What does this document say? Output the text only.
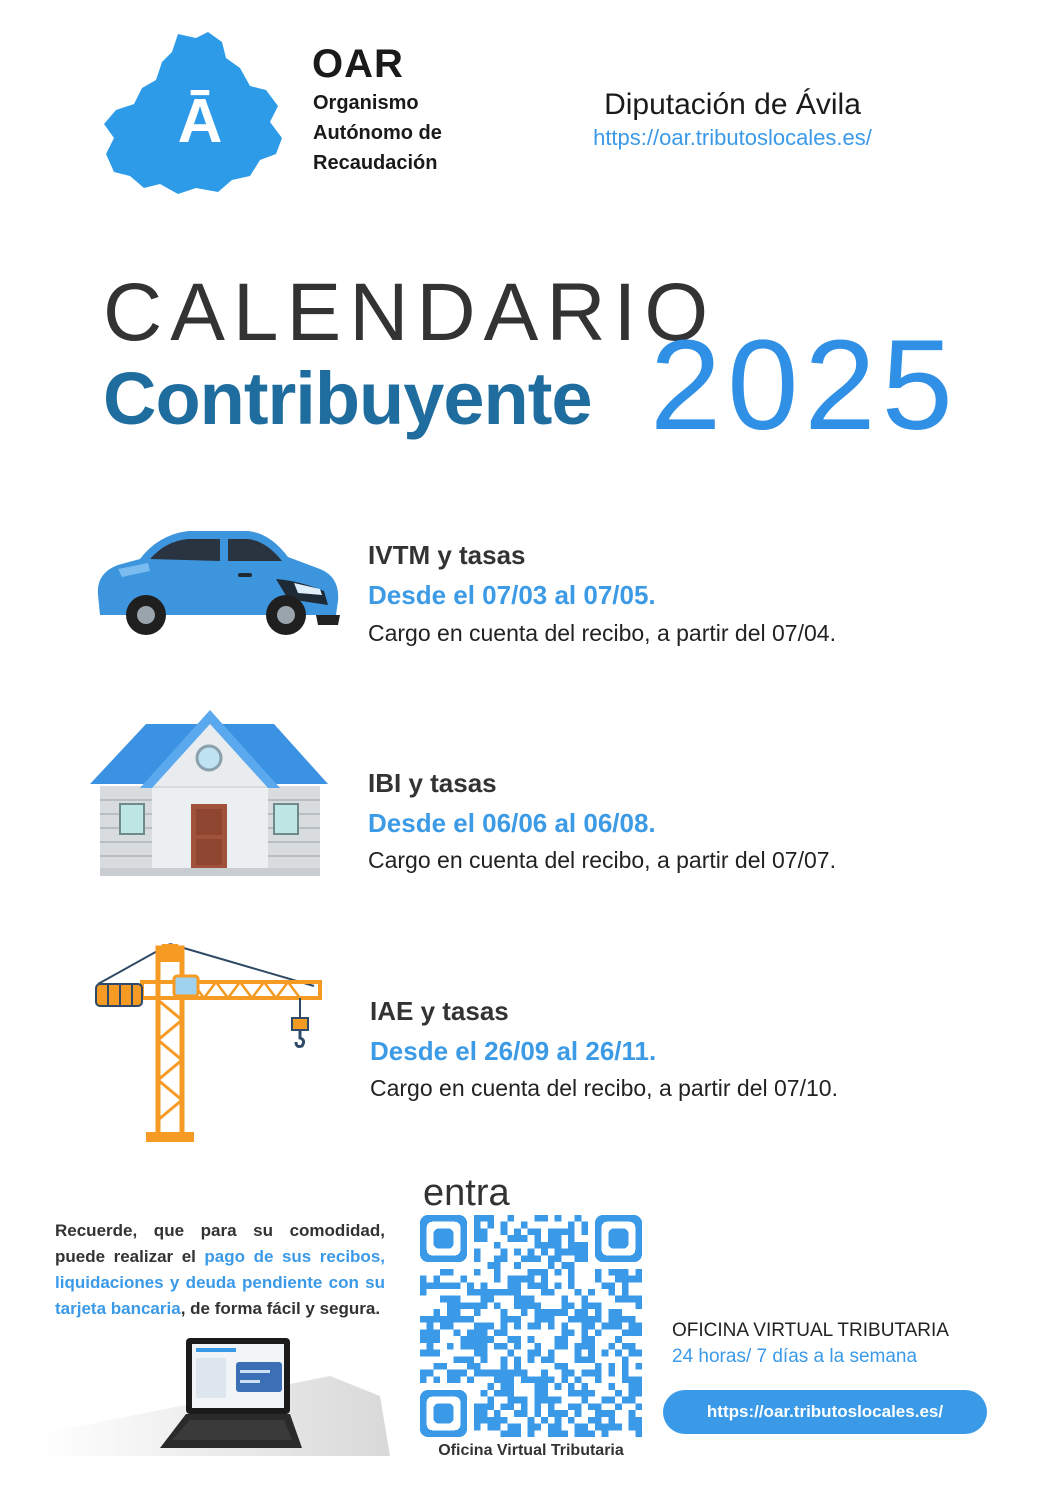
Ā
OAR
Organismo
Autónomo de
Recaudación
Diputación de Ávila
https://oar.tributoslocales.es/
CALENDARIO
Contribuyente 2025
IVTM y tasas
Desde el 07/03 al 07/05.
Cargo en cuenta del recibo, a partir del 07/04.
IBI y tasas
Desde el 06/06 al 06/08.
Cargo en cuenta del recibo, a partir del 07/07.
IAE y tasas
Desde el 26/09 al 26/11.
Cargo en cuenta del recibo, a partir del 07/10.
Recuerde, que para su comodidad, puede realizar el pago de sus recibos, liquidaciones y deuda pendiente con su tarjeta bancaria, de forma fácil y segura.
entra
Oficina Virtual Tributaria
OFICINA VIRTUAL TRIBUTARIA
24 horas/ 7 días a la semana
https://oar.tributoslocales.es/
